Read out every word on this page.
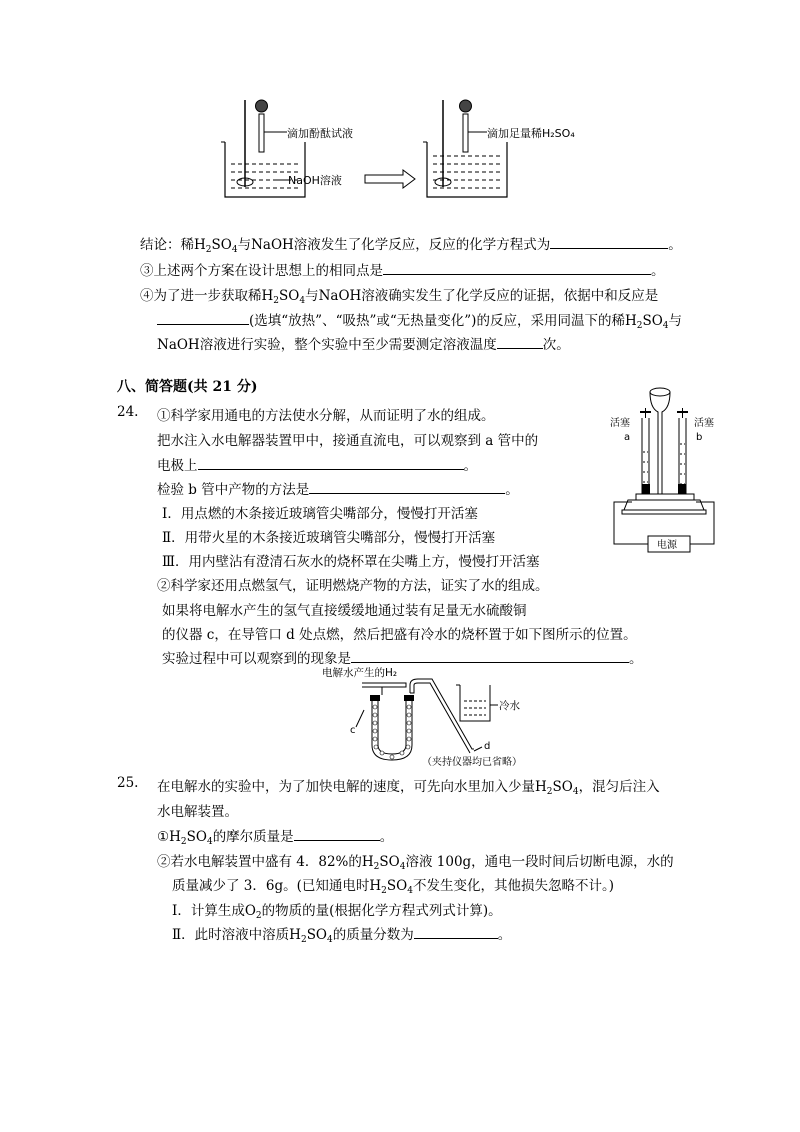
滴加酚酞试液
NaOH溶液
滴加足量稀H₂SO₄
结论：稀$H_2SO_4$与NaOH溶液发生了化学反应，反应的化学方程式为	。
③上述两个方案在设计思想上的相同点是	。
④为了进一步获取稀$H_2SO_4$与NaOH溶液确实发生了化学反应的证据，依据中和反应是
(选填“放热”、“吸热”或“无热量变化”)的反应，采用同温下的稀$H_2SO_4$与
NaOH溶液进行实验，整个实验中至少需要测定溶液温度	次。
八、简答题(共 21 分)
24. ①科学家用通电的方法使水分解，从而证明了水的组成。
把水注入水电解器装置甲中，接通直流电，可以观察到 a 管中的
电极上	。
检验 b 管中产物的方法是	。
Ⅰ．用点燃的木条接近玻璃管尖嘴部分，慢慢打开活塞
Ⅱ．用带火星的木条接近玻璃管尖嘴部分，慢慢打开活塞
Ⅲ．用内壁沾有澄清石灰水的烧杯罩在尖嘴上方，慢慢打开活塞
②科学家还用点燃氢气，证明燃烧产物的方法，证实了水的组成。
如果将电解水产生的氢气直接缓缓地通过装有足量无水硫酸铜
的仪器 c，在导管口 d 处点燃，然后把盛有冷水的烧杯置于如下图所示的位置。
实验过程中可以观察到的现象是	。
活塞	活塞
a	b
电源
电解水产生的H₂
c
冷水
d
（夹持仪器均已省略）
25. 在电解水的实验中，为了加快电解的速度，可先向水里加入少量$H_2SO_4$，混匀后注入
水电解装置。
$①H_2SO_4$的摩尔质量是	。
②若水电解装置中盛有 4．82%的$H_2SO_4$溶液 100g，通电一段时间后切断电源，水的
质量减少了 3．6g。(已知通电时$H_2SO_4$不发生变化，其他损失忽略不计。)
Ⅰ．计算生成$O_2$的物质的量(根据化学方程式列式计算)。
Ⅱ．此时溶液中溶质$H_2SO_4$的质量分数为	。
